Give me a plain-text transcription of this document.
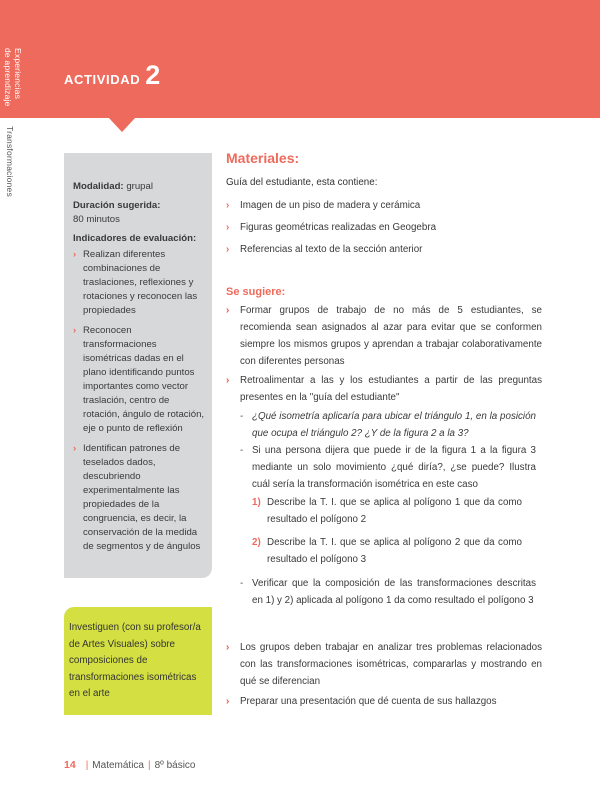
Experiencias
de aprendizaje
Transformaciones
ACTIVIDAD 2

Modalidad: grupal

Duración sugerida:
80 minutos

Indicadores de evaluación:

› Realizan diferentes combinaciones de traslaciones, reflexiones y rotaciones y reconocen las propiedades
› Reconocen transformaciones isométricas dadas en el plano identificando puntos importantes como vector traslación, centro de rotación, ángulo de rotación, eje o punto de reflexión
› Identifican patrones de teselados dados, descubriendo experimentalmente las propiedades de la congruencia, es decir, la conservación de la medida de segmentos y de ángulos
Investiguen (con su profesor/a de Artes Visuales) sobre composiciones de transformaciones isométricas en el arte
Materiales:
Guía del estudiante, esta contiene:
› Imagen de un piso de madera y cerámica
› Figuras geométricas realizadas en Geogebra
› Referencias al texto de la sección anterior
Se sugiere:
› › Formar grupos de trabajo de no más de 5 estudiantes, se recomienda sean asignados al azar para evitar que se conformen siempre los mismos grupos y aprendan a trabajar colaborativamente con diferentes personas
› › Retroalimentar a las y los estudiantes a partir de las preguntas presentes en la "guía del estudiante"
- ¿Qué isometría aplicaría para ubicar el triángulo 1, en la posición que ocupa el triángulo 2? ¿Y de la figura 2 a la 3?
- Si una persona dijera que puede ir de la figura 1 a la figura 3 mediante un solo movimiento ¿qué diría?, ¿se puede? Ilustra cuál sería la transformación isométrica en este caso
1) Describe la T. I. que se aplica al polígono 1 que da como resultado el polígono 2
2) Describe la T. I. que se aplica al polígono 2 que da como resultado el polígono 3
- Verificar que la composición de las transformaciones descritas en 1) y 2) aplicada al polígono 1 da como resultado el polígono 3
› › Los grupos deben trabajar en analizar tres problemas relacionados con las transformaciones isométricas, compararlas y mostrando en qué se diferencian
› › Preparar una presentación que dé cuenta de sus hallazgos
14 | Matemática | 8º básico
